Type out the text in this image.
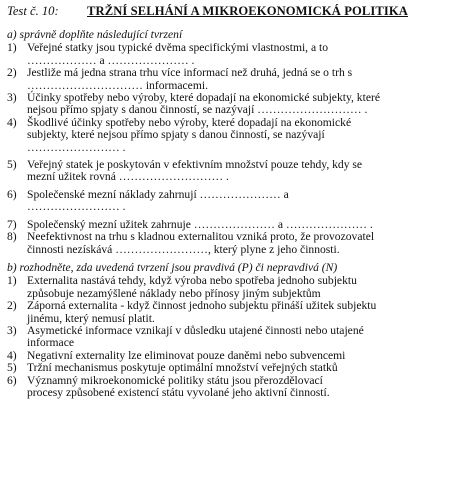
Test č. 10:	TRŽNÍ SELHÁNÍ A MIKROEKONOMICKÁ POLITIKA
a) správně doplňte následující tvrzení
1) Veřejné statky jsou typické dvěma specifickými vlastnostmi, a to
……………… a ………………… .
2) Jestliže má jedna strana trhu více informací než druhá, jedná se o trh s
………………………… informacemi.
3) Účinky spotřeby nebo výroby, které dopadají na ekonomické subjekty, které
nejsou přímo spjaty s danou činností, se nazývají ……………………… .
4) Škodlivé účinky spotřeby nebo výroby, které dopadají na ekonomické
subjekty, které nejsou přímo spjaty s danou činností, se nazývají
…………………… .
5) Veřejný statek je poskytován v efektivním množství pouze tehdy, kdy se
mezní užitek rovná ……………………… .
6) Společenské mezní náklady zahrnují ………………… a
…………………… .
7) Společenský mezní užitek zahrnuje ………………… a ………………… .
8) Neefektivnost na trhu s kladnou externalitou vzniká proto, že provozovatel
činnosti nezískává ……………………, který plyne z jeho činnosti.
b) rozhodněte, zda uvedená tvrzení jsou pravdivá (P) či nepravdivá (N)
1) Externalita nastává tehdy, když výroba nebo spotřeba jednoho subjektu
způsobuje nezamýšlené náklady nebo přínosy jiným subjektům
2) Záporná externalita - když činnost jednoho subjektu přináší užitek subjektu
jinému, který nemusí platit.
3) Asymetické informace vznikají v důsledku utajené činnosti nebo utajené
informace
4) Negativní externality lze eliminovat pouze daněmi nebo subvencemi
5) Tržní mechanismus poskytuje optimální množství veřejných statků
6) Významný mikroekonomické politiky státu jsou přerozdělovací
procesy způsobené existencí státu vyvolané jeho aktivní činností.
